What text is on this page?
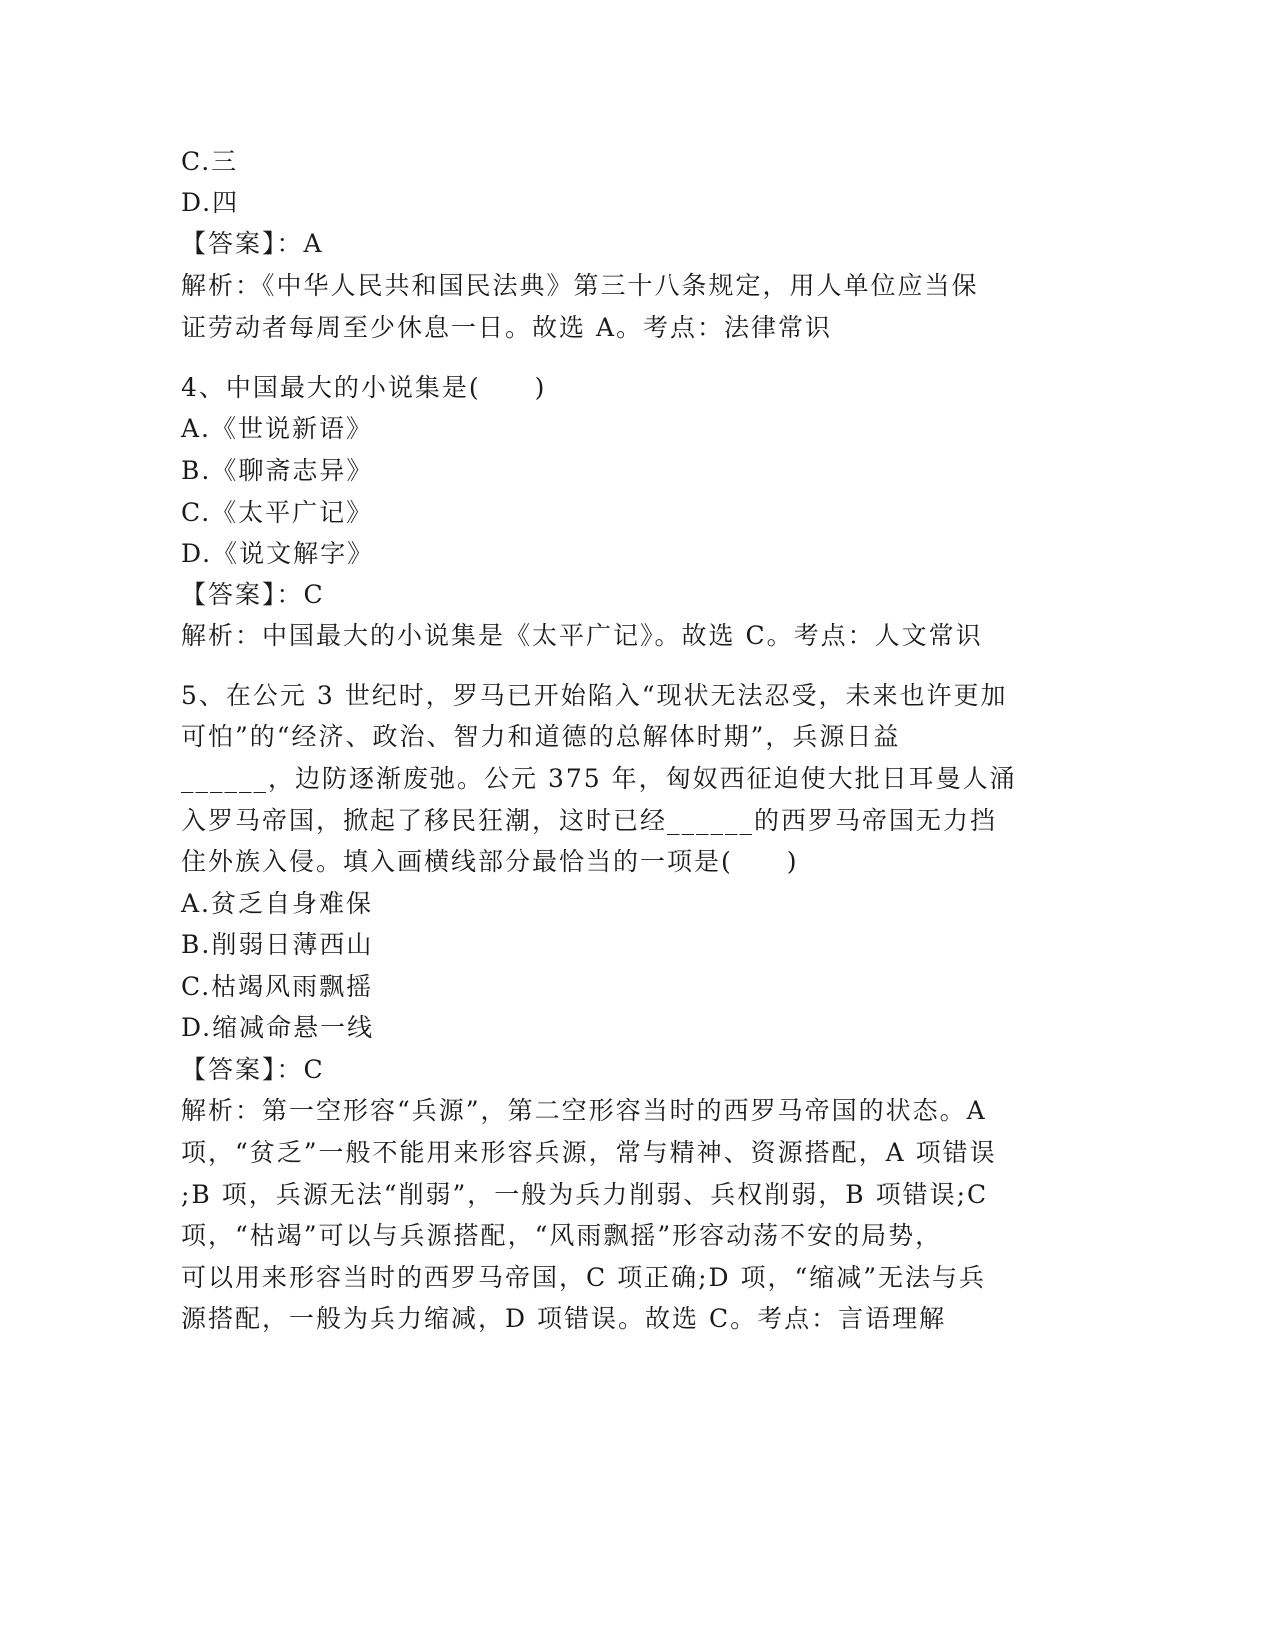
C.三
D.四
【答案】：A
解析：《中华人民共和国民法典》第三十八条规定，用人单位应当保
证劳动者每周至少休息一日。故选 A。考点：法律常识
4、中国最大的小说集是(　　)
A.《世说新语》
B.《聊斋志异》
C.《太平广记》
D.《说文解字》
【答案】：C
解析：中国最大的小说集是《太平广记》。故选 C。考点：人文常识
5、在公元 3 世纪时，罗马已开始陷入“现状无法忍受，未来也许更加
可怕”的“经济、政治、智力和道德的总解体时期”，兵源日益
______，边防逐渐废弛。公元 375 年，匈奴西征迫使大批日耳曼人涌
入罗马帝国，掀起了移民狂潮，这时已经______的西罗马帝国无力挡
住外族入侵。填入画横线部分最恰当的一项是(　　)
A.贫乏自身难保
B.削弱日薄西山
C.枯竭风雨飘摇
D.缩减命悬一线
【答案】：C
解析：第一空形容“兵源”，第二空形容当时的西罗马帝国的状态。A
项，“贫乏”一般不能用来形容兵源，常与精神、资源搭配，A 项错误
;B 项，兵源无法“削弱”，一般为兵力削弱、兵权削弱，B 项错误;C
项，“枯竭”可以与兵源搭配，“风雨飘摇”形容动荡不安的局势，
可以用来形容当时的西罗马帝国，C 项正确;D 项，“缩减”无法与兵
源搭配，一般为兵力缩减，D 项错误。故选 C。考点：言语理解
